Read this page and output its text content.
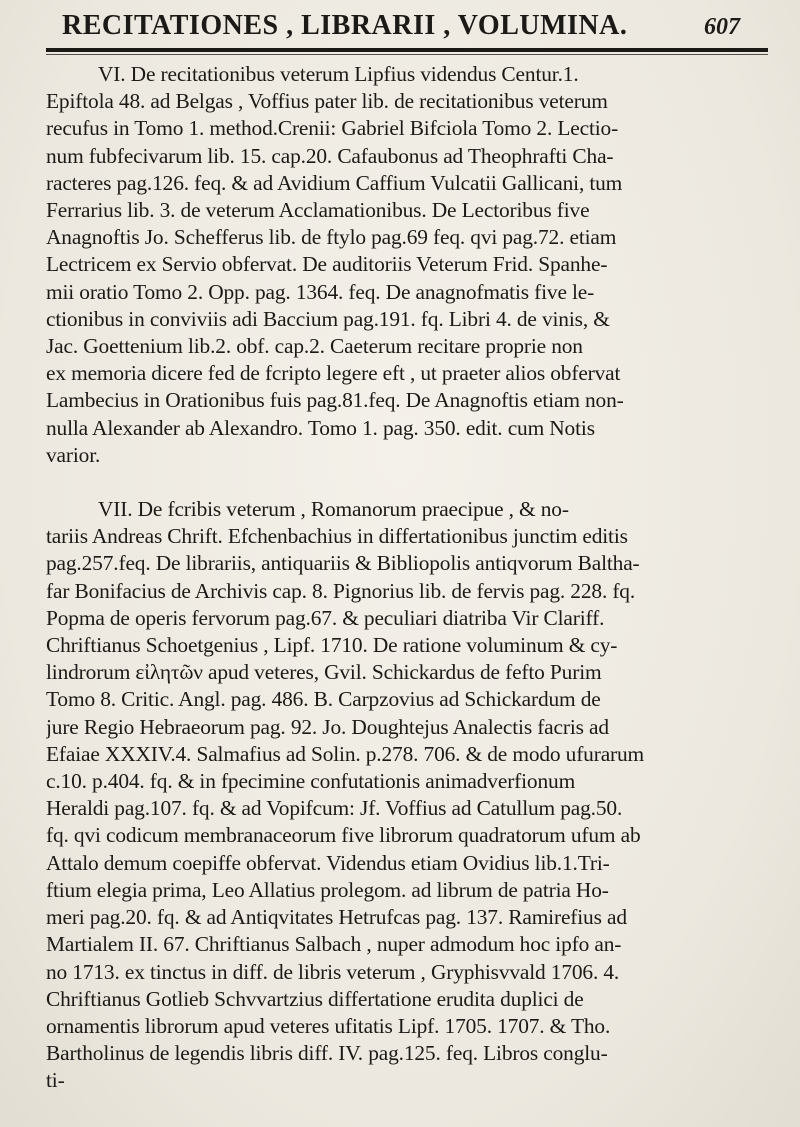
RECITATIONES , LIBRARII , VOLUMINA.	607
VI. De recitationibus veterum Lipfius videndus Centur.1.
Epiftola 48. ad Belgas , Voffius pater lib. de recitationibus veterum
recufus in Tomo 1. method.Crenii: Gabriel Bifciola Tomo 2. Lectio-
num fubfecivarum lib. 15. cap.20. Cafaubonus ad Theophrafti Cha-
racteres pag.126. feq. & ad Avidium Caffium Vulcatii Gallicani, tum
Ferrarius lib. 3. de veterum Acclamationibus. De Lectoribus five
Anagnoftis Jo. Schefferus lib. de ftylo pag.69 feq. qvi pag.72. etiam
Lectricem ex Servio obfervat. De auditoriis Veterum Frid. Spanhe-
mii oratio Tomo 2. Opp. pag. 1364. feq. De anagnofmatis five le-
ctionibus in conviviis adi Baccium pag.191. fq. Libri 4. de vinis, &
Jac. Goettenium lib.2. obf. cap.2. Caeterum recitare proprie non
ex memoria dicere fed de fcripto legere eft , ut praeter alios obfervat
Lambecius in Orationibus fuis pag.81.feq. De Anagnoftis etiam non-
nulla Alexander ab Alexandro. Tomo 1. pag. 350. edit. cum Notis
varior.
VII. De fcribis veterum , Romanorum praecipue , & no-
tariis Andreas Chrift. Efchenbachius in differtationibus junctim editis
pag.257.feq. De librariis, antiquariis & Bibliopolis antiqvorum Baltha-
far Bonifacius de Archivis cap. 8. Pignorius lib. de fervis pag. 228. fq.
Popma de operis fervorum pag.67. & peculiari diatriba Vir Clariff.
Chriftianus Schoetgenius , Lipf. 1710. De ratione voluminum & cy-
lindrorum εἰλητῶν apud veteres, Gvil. Schickardus de fefto Purim
Tomo 8. Critic. Angl. pag. 486. B. Carpzovius ad Schickardum de
jure Regio Hebraeorum pag. 92. Jo. Doughtejus Analectis facris ad
Efaiae XXXIV.4. Salmafius ad Solin. p.278. 706. & de modo ufurarum
c.10. p.404. fq. & in fpecimine confutationis animadverfionum
Heraldi pag.107. fq. & ad Vopifcum: Jf. Voffius ad Catullum pag.50.
fq. qvi codicum membranaceorum five librorum quadratorum ufum ab
Attalo demum coepiffe obfervat. Videndus etiam Ovidius lib.1.Tri-
ftium elegia prima, Leo Allatius prolegom. ad librum de patria Ho-
meri pag.20. fq. & ad Antiqvitates Hetrufcas pag. 137. Ramirefius ad
Martialem II. 67. Chriftianus Salbach , nuper admodum hoc ipfo an-
no 1713. ex tinctus in diff. de libris veterum , Gryphisvvald 1706. 4.
Chriftianus Gotlieb Schvvartzius differtatione erudita duplici de
ornamentis librorum apud veteres ufitatis Lipf. 1705. 1707. & Tho.
Bartholinus de legendis libris diff. IV. pag.125. feq. Libros conglu-
ti-
